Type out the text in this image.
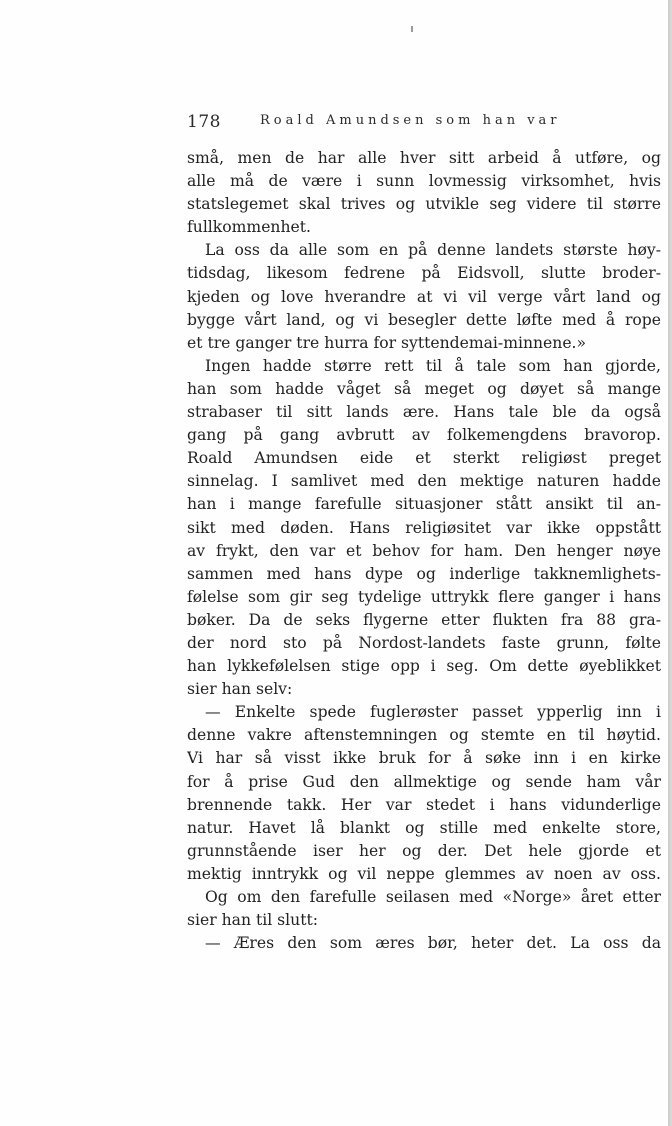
178	Roald Amundsen som han var
små, men de har alle hver sitt arbeid å utføre, og
alle må de være i sunn lovmessig virksomhet, hvis
statslegemet skal trives og utvikle seg videre til større
fullkommenhet.
La oss da alle som en på denne landets største høy-
tidsdag, likesom fedrene på Eidsvoll, slutte broder-
kjeden og love hverandre at vi vil verge vårt land og
bygge vårt land, og vi besegler dette løfte med å rope
et tre ganger tre hurra for syttendemai-minnene.»
Ingen hadde større rett til å tale som han gjorde,
han som hadde våget så meget og døyet så mange
strabaser til sitt lands ære. Hans tale ble da også
gang på gang avbrutt av folkemengdens bravorop.
Roald Amundsen eide et sterkt religiøst preget
sinnelag. I samlivet med den mektige naturen hadde
han i mange farefulle situasjoner stått ansikt til an-
sikt med døden. Hans religiøsitet var ikke oppstått
av frykt, den var et behov for ham. Den henger nøye
sammen med hans dype og inderlige takknemlighets-
følelse som gir seg tydelige uttrykk flere ganger i hans
bøker. Da de seks flygerne etter flukten fra 88 gra-
der nord sto på Nordost-landets faste grunn, følte
han lykkefølelsen stige opp i seg. Om dette øyeblikket
sier han selv:
— Enkelte spede fuglerøster passet ypperlig inn i
denne vakre aftenstemningen og stemte en til høytid.
Vi har så visst ikke bruk for å søke inn i en kirke
for å prise Gud den allmektige og sende ham vår
brennende takk. Her var stedet i hans vidunderlige
natur. Havet lå blankt og stille med enkelte store,
grunnstående iser her og der. Det hele gjorde et
mektig inntrykk og vil neppe glemmes av noen av oss.
Og om den farefulle seilasen med «Norge» året etter
sier han til slutt:
— Æres den som æres bør, heter det. La oss da
